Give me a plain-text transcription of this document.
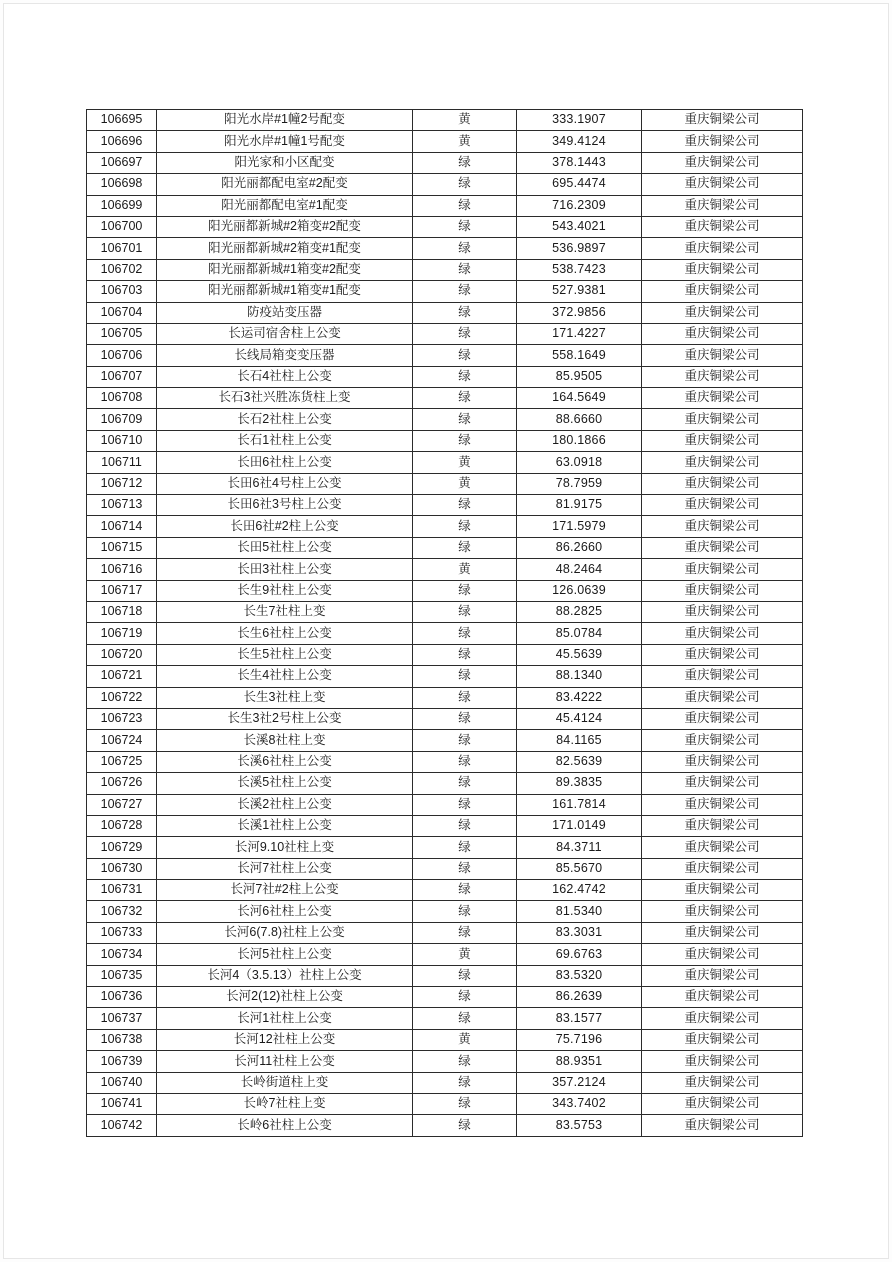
106695	阳光水岸#1幢2号配变	黄	333.1907	重庆铜梁公司
106696	阳光水岸#1幢1号配变	黄	349.4124	重庆铜梁公司
106697	阳光家和小区配变	绿	378.1443	重庆铜梁公司
106698	阳光丽都配电室#2配变	绿	695.4474	重庆铜梁公司
106699	阳光丽都配电室#1配变	绿	716.2309	重庆铜梁公司
106700	阳光丽都新城#2箱变#2配变	绿	543.4021	重庆铜梁公司
106701	阳光丽都新城#2箱变#1配变	绿	536.9897	重庆铜梁公司
106702	阳光丽都新城#1箱变#2配变	绿	538.7423	重庆铜梁公司
106703	阳光丽都新城#1箱变#1配变	绿	527.9381	重庆铜梁公司
106704	防疫站变压器	绿	372.9856	重庆铜梁公司
106705	长运司宿舍柱上公变	绿	171.4227	重庆铜梁公司
106706	长线局箱变变压器	绿	558.1649	重庆铜梁公司
106707	长石4社柱上公变	绿	85.9505	重庆铜梁公司
106708	长石3社兴胜冻货柱上变	绿	164.5649	重庆铜梁公司
106709	长石2社柱上公变	绿	88.6660	重庆铜梁公司
106710	长石1社柱上公变	绿	180.1866	重庆铜梁公司
106711	长田6社柱上公变	黄	63.0918	重庆铜梁公司
106712	长田6社4号柱上公变	黄	78.7959	重庆铜梁公司
106713	长田6社3号柱上公变	绿	81.9175	重庆铜梁公司
106714	长田6社#2柱上公变	绿	171.5979	重庆铜梁公司
106715	长田5社柱上公变	绿	86.2660	重庆铜梁公司
106716	长田3社柱上公变	黄	48.2464	重庆铜梁公司
106717	长生9社柱上公变	绿	126.0639	重庆铜梁公司
106718	长生7社柱上变	绿	88.2825	重庆铜梁公司
106719	长生6社柱上公变	绿	85.0784	重庆铜梁公司
106720	长生5社柱上公变	绿	45.5639	重庆铜梁公司
106721	长生4社柱上公变	绿	88.1340	重庆铜梁公司
106722	长生3社柱上变	绿	83.4222	重庆铜梁公司
106723	长生3社2号柱上公变	绿	45.4124	重庆铜梁公司
106724	长溪8社柱上变	绿	84.1165	重庆铜梁公司
106725	长溪6社柱上公变	绿	82.5639	重庆铜梁公司
106726	长溪5社柱上公变	绿	89.3835	重庆铜梁公司
106727	长溪2社柱上公变	绿	161.7814	重庆铜梁公司
106728	长溪1社柱上公变	绿	171.0149	重庆铜梁公司
106729	长河9.10社柱上变	绿	84.3711	重庆铜梁公司
106730	长河7社柱上公变	绿	85.5670	重庆铜梁公司
106731	长河7社#2柱上公变	绿	162.4742	重庆铜梁公司
106732	长河6社柱上公变	绿	81.5340	重庆铜梁公司
106733	长河6(7.8)社柱上公变	绿	83.3031	重庆铜梁公司
106734	长河5社柱上公变	黄	69.6763	重庆铜梁公司
106735	长河4（3.5.13）社柱上公变	绿	83.5320	重庆铜梁公司
106736	长河2(12)社柱上公变	绿	86.2639	重庆铜梁公司
106737	长河1社柱上公变	绿	83.1577	重庆铜梁公司
106738	长河12社柱上公变	黄	75.7196	重庆铜梁公司
106739	长河11社柱上公变	绿	88.9351	重庆铜梁公司
106740	长岭街道柱上变	绿	357.2124	重庆铜梁公司
106741	长岭7社柱上变	绿	343.7402	重庆铜梁公司
106742	长岭6社柱上公变	绿	83.5753	重庆铜梁公司
